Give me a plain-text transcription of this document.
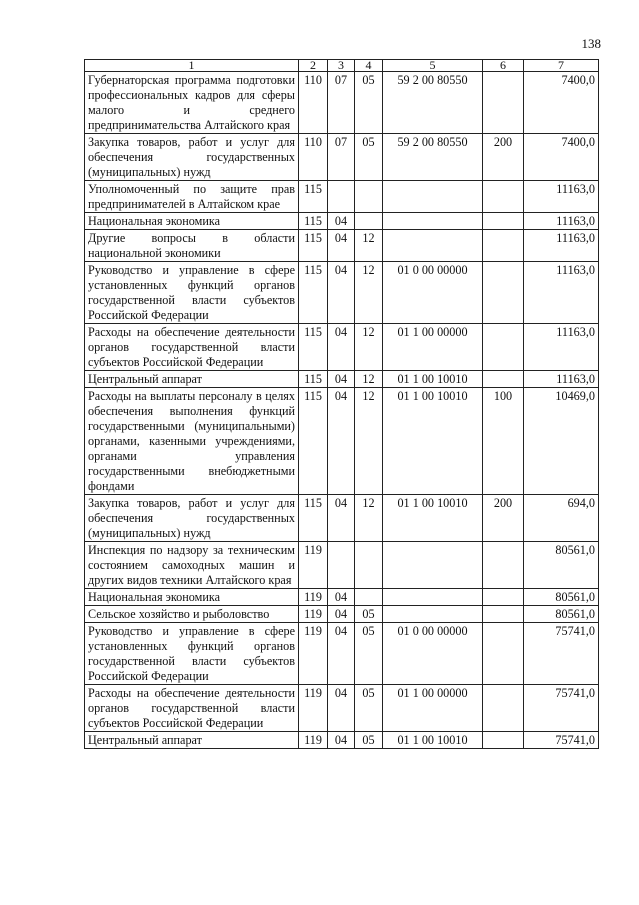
138
1	2	3	4	5	6	7
Губернаторская программа подготовки профессиональных кадров для сферы малого и среднего предпринимательства Алтайского края	110	07	05	59 2 00 80550		7400,0
Закупка товаров, работ и услуг для обеспечения государственных (муниципальных) нужд	110	07	05	59 2 00 80550	200	7400,0
Уполномоченный по защите прав предпринимателей в Алтайском крае	115					11163,0
Национальная экономика	115	04				11163,0
Другие вопросы в области национальной экономики	115	04	12			11163,0
Руководство и управление в сфере установленных функций органов государственной власти субъектов Российской Федерации	115	04	12	01 0 00 00000		11163,0
Расходы на обеспечение деятельности органов государственной власти субъектов Российской Федерации	115	04	12	01 1 00 00000		11163,0
Центральный аппарат	115	04	12	01 1 00 10010		11163,0
Расходы на выплаты персоналу в целях обеспечения выполнения функций государственными (муниципальными) органами, казенными учреждениями, органами управления государственными внебюджетными фондами	115	04	12	01 1 00 10010	100	10469,0
Закупка товаров, работ и услуг для обеспечения государственных (муниципальных) нужд	115	04	12	01 1 00 10010	200	694,0
Инспекция по надзору за техническим состоянием самоходных машин и других видов техники Алтайского края	119					80561,0
Национальная экономика	119	04				80561,0
Сельское хозяйство и рыболовство	119	04	05			80561,0
Руководство и управление в сфере установленных функций органов государственной власти субъектов Российской Федерации	119	04	05	01 0 00 00000		75741,0
Расходы на обеспечение деятельности органов государственной власти субъектов Российской Федерации	119	04	05	01 1 00 00000		75741,0
Центральный аппарат	119	04	05	01 1 00 10010		75741,0
